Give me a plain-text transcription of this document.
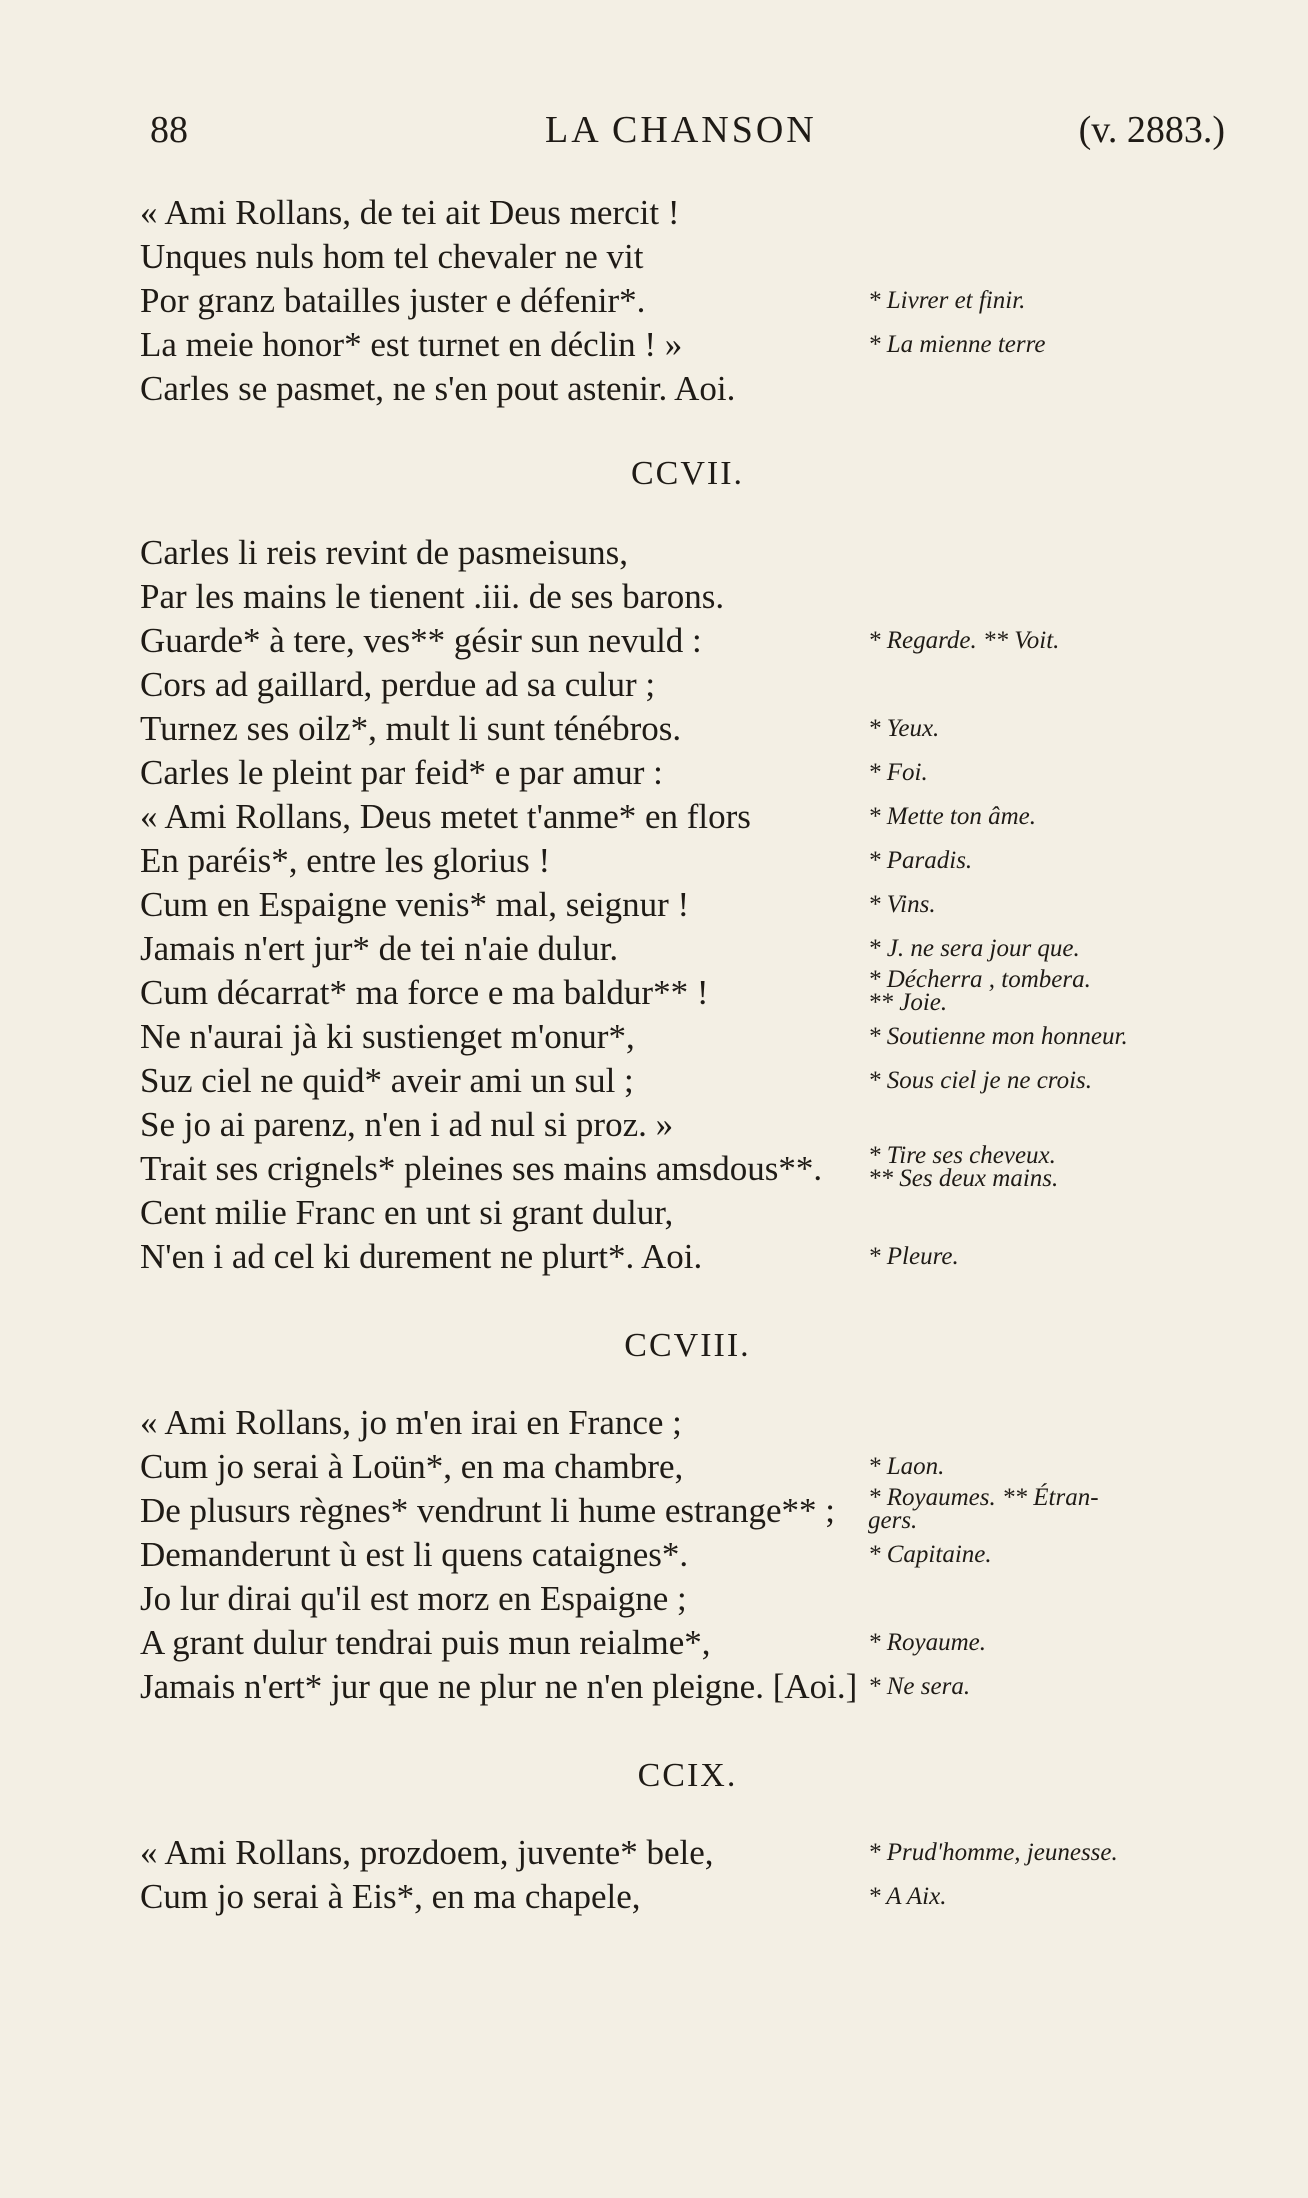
88	LA CHANSON	(v. 2883.)
« Ami Rollans, de tei ait Deus mercit !
Unques nuls hom tel chevaler ne vit
Por granz batailles juster e défenir*.	* Livrer et finir.
La meie honor* est turnet en déclin ! »	* La mienne terre
Carles se pasmet, ne s'en pout astenir. Aoi.
CCVII.
Carles li reis revint de pasmeisuns,
Par les mains le tienent .iii. de ses barons.
Guarde* à tere, ves** gésir sun nevuld :	* Regarde. ** Voit.
Cors ad gaillard, perdue ad sa culur ;
Turnez ses oilz*, mult li sunt ténébros.	* Yeux.
Carles le pleint par feid* e par amur :	* Foi.
« Ami Rollans, Deus metet t'anme* en flors	* Mette ton âme.
En paréis*, entre les glorius !	* Paradis.
Cum en Espaigne venis* mal, seignur !	* Vins.
Jamais n'ert jur* de tei n'aie dulur.	* J. ne sera jour que.
Cum décarrat* ma force e ma baldur** !	* Décherra , tombera.
** Joie.
Ne n'aurai jà ki sustienget m'onur*,	* Soutienne mon honneur.
Suz ciel ne quid* aveir ami un sul ;	* Sous ciel je ne crois.
Se jo ai parenz, n'en i ad nul si proz. »
Trait ses crignels* pleines ses mains amsdous**. * Tire ses cheveux.
** Ses deux mains.
Cent milie Franc en unt si grant dulur,
N'en i ad cel ki durement ne plurt*. Aoi.	* Pleure.
CCVIII.
« Ami Rollans, jo m'en irai en France ;
Cum jo serai à Loün*, en ma chambre,	* Laon.
De plusurs règnes* vendrunt li hume estrange** ; * Royaumes. ** Étran-
gers.
Demanderunt ù est li quens cataignes*.	* Capitaine.
Jo lur dirai qu'il est morz en Espaigne ;
A grant dulur tendrai puis mun reialme*,	* Royaume.
Jamais n'ert* jur que ne plur ne n'en pleigne. [Aoi.] * Ne sera.
CCIX.
« Ami Rollans, prozdoem, juvente* bele,	* Prud'homme, jeunesse.
Cum jo serai à Eis*, en ma chapele,	* A Aix.
